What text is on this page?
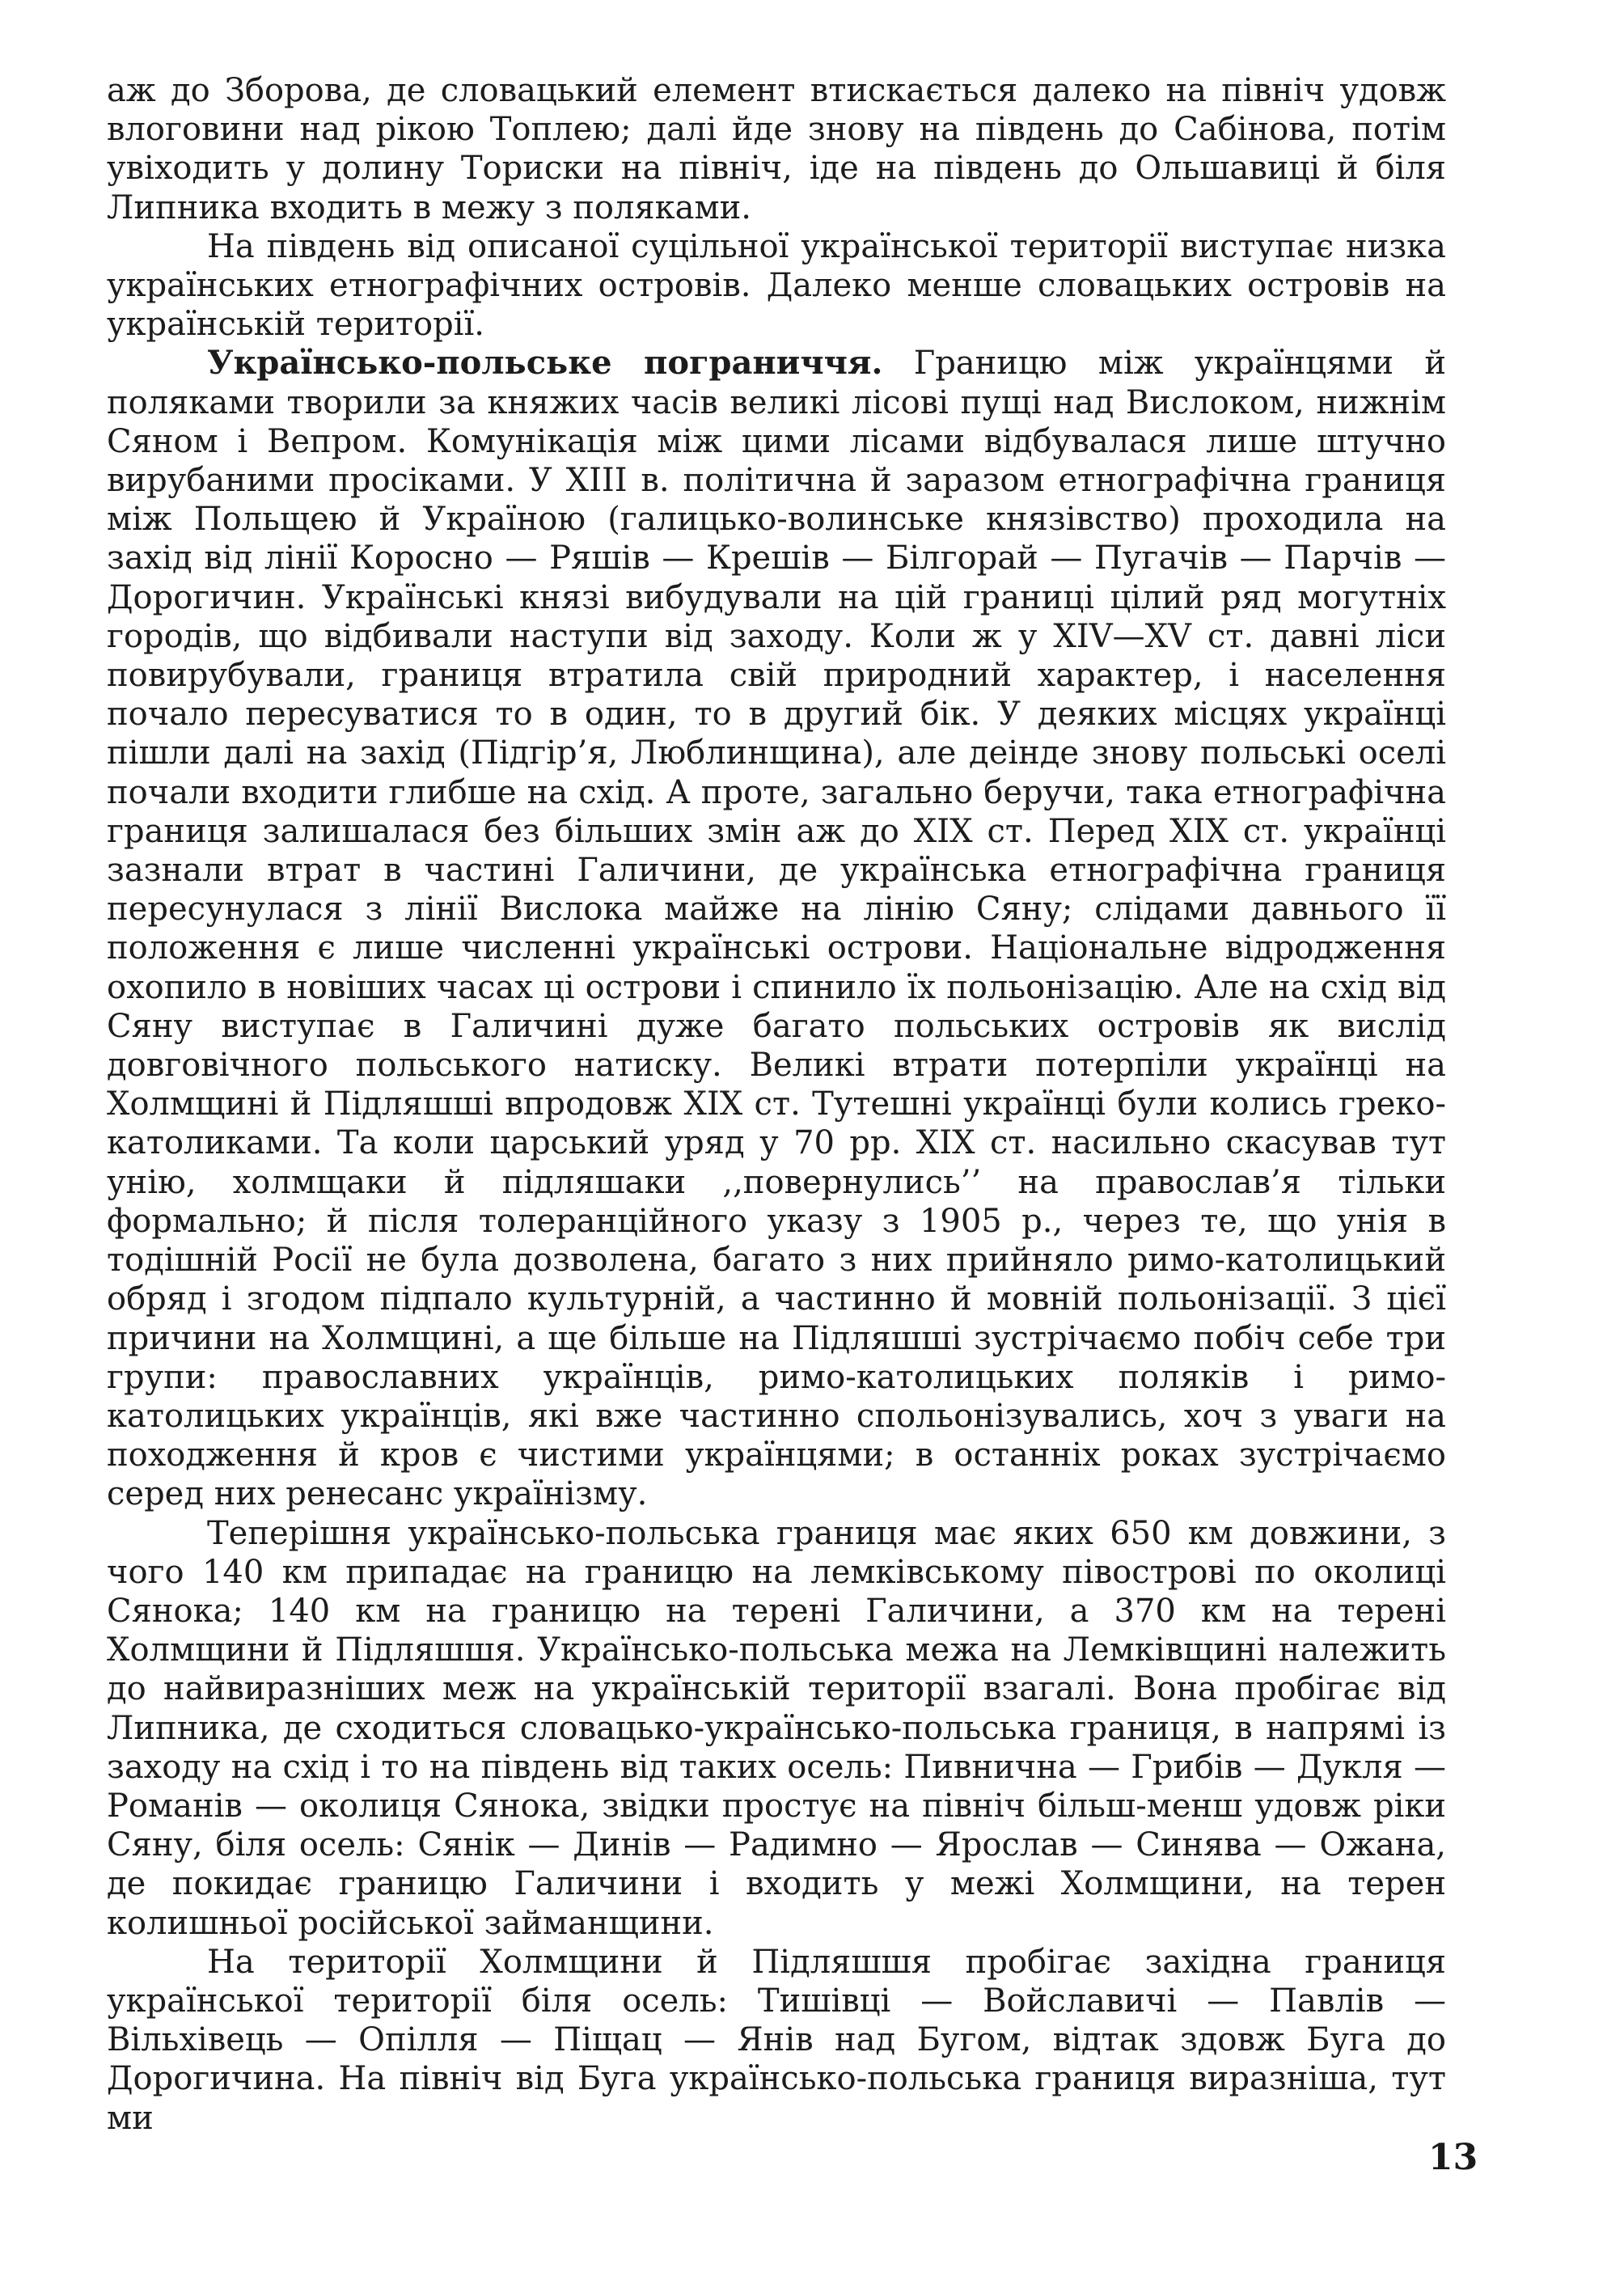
аж до Зборова, де словацький елемент втискається далеко на північ удовж влоговини над рікою Топлею; далі йде знову на південь до Сабінова, потім увіходить у долину Ториски на північ, іде на південь до Ольшавиці й біля Липника входить в межу з поляками.

На південь від описаної суцільної української території виступає низка українських етнографічних островів. Далеко менше словацьких островів на українській території.

Українсько-польське пограниччя. Границю між українцями й поляками творили за княжих часів великі лісові пущі над Вислоком, нижнім Сяном і Вепром. Комунікація між цими лісами відбувалася лише штучно вирубаними просіками. У XIII в. політична й заразом етнографічна границя між Польщею й Україною (галицько-волинське князівство) проходила на захід від лінії Коросно — Ряшів — Крешів — Білгорай — Пугачів — Парчів — Дорогичин. Українські князі вибудували на цій границі цілий ряд могутніх городів, що відбивали наступи від заходу. Коли ж у XIV—XV ст. давні ліси повирубували, границя втратила свій природний характер, і населення почало пересуватися то в один, то в другий бік. У деяких місцях українці пішли далі на захід (Підгір’я, Люблинщина), але деінде знову польські оселі почали входити глибше на схід. А проте, загально беручи, така етнографічна границя залишалася без більших змін аж до XIX ст. Перед XIX ст. українці зазнали втрат в частині Галичини, де українська етнографічна границя пересунулася з лінії Вислока майже на лінію Сяну; слідами давнього її положення є лише численні українські острови. Національне відродження охопило в новіших часах ці острови і спинило їх польонізацію. Але на схід від Сяну виступає в Галичині дуже багато польських островів як вислід довговічного польського натиску. Великі втрати потерпіли українці на Холмщині й Підляшші впродовж XIX ст. Тутешні українці були колись греко-католиками. Та коли царський уряд у 70 рр. XIX ст. насильно скасував тут унію, холмщаки й підляшаки ,,повернулись’’ на православ’я тільки формально; й після толеранційного указу з 1905 р., через те, що унія в тодішній Росії не була дозволена, багато з них прийняло римо-католицький обряд і згодом підпало культурній, а частинно й мовній польонізації. З цієї причини на Холмщині, а ще більше на Підляшші зустрічаємо побіч себе три групи: православних українців, римо-католицьких поляків і римо-католицьких українців, які вже частинно спольонізувались, хоч з уваги на походження й кров є чистими українцями; в останніх роках зустрічаємо серед них ренесанс українізму.

Теперішня українсько-польська границя має яких 650 км довжини, з чого 140 км припадає на границю на лемківському півострові по околиці Сянока; 140 км на границю на терені Галичини, а 370 км на терені Холмщини й Підляшшя. Українсько-польська межа на Лемківщині належить до найвиразніших меж на українській території взагалі. Вона пробігає від Липника, де сходиться словацько-українсько-польська границя, в напрямі із заходу на схід і то на південь від таких осель: Пивнична — Грибів — Дукля — Романів — околиця Сянока, звідки простує на північ більш-менш удовж ріки Сяну, біля осель: Сянік — Динів — Радимно — Ярослав — Синява — Ожана, де покидає границю Галичини і входить у межі Холмщини, на терен колишньої російської займанщини.

На території Холмщини й Підляшшя пробігає західна границя української території біля осель: Тишівці — Войславичі — Павлів — Вільхівець — Опілля — Піщац — Янів над Бугом, відтак здовж Буга до Дорогичина. На північ від Буга українсько-польська границя виразніша, тут ми

13
